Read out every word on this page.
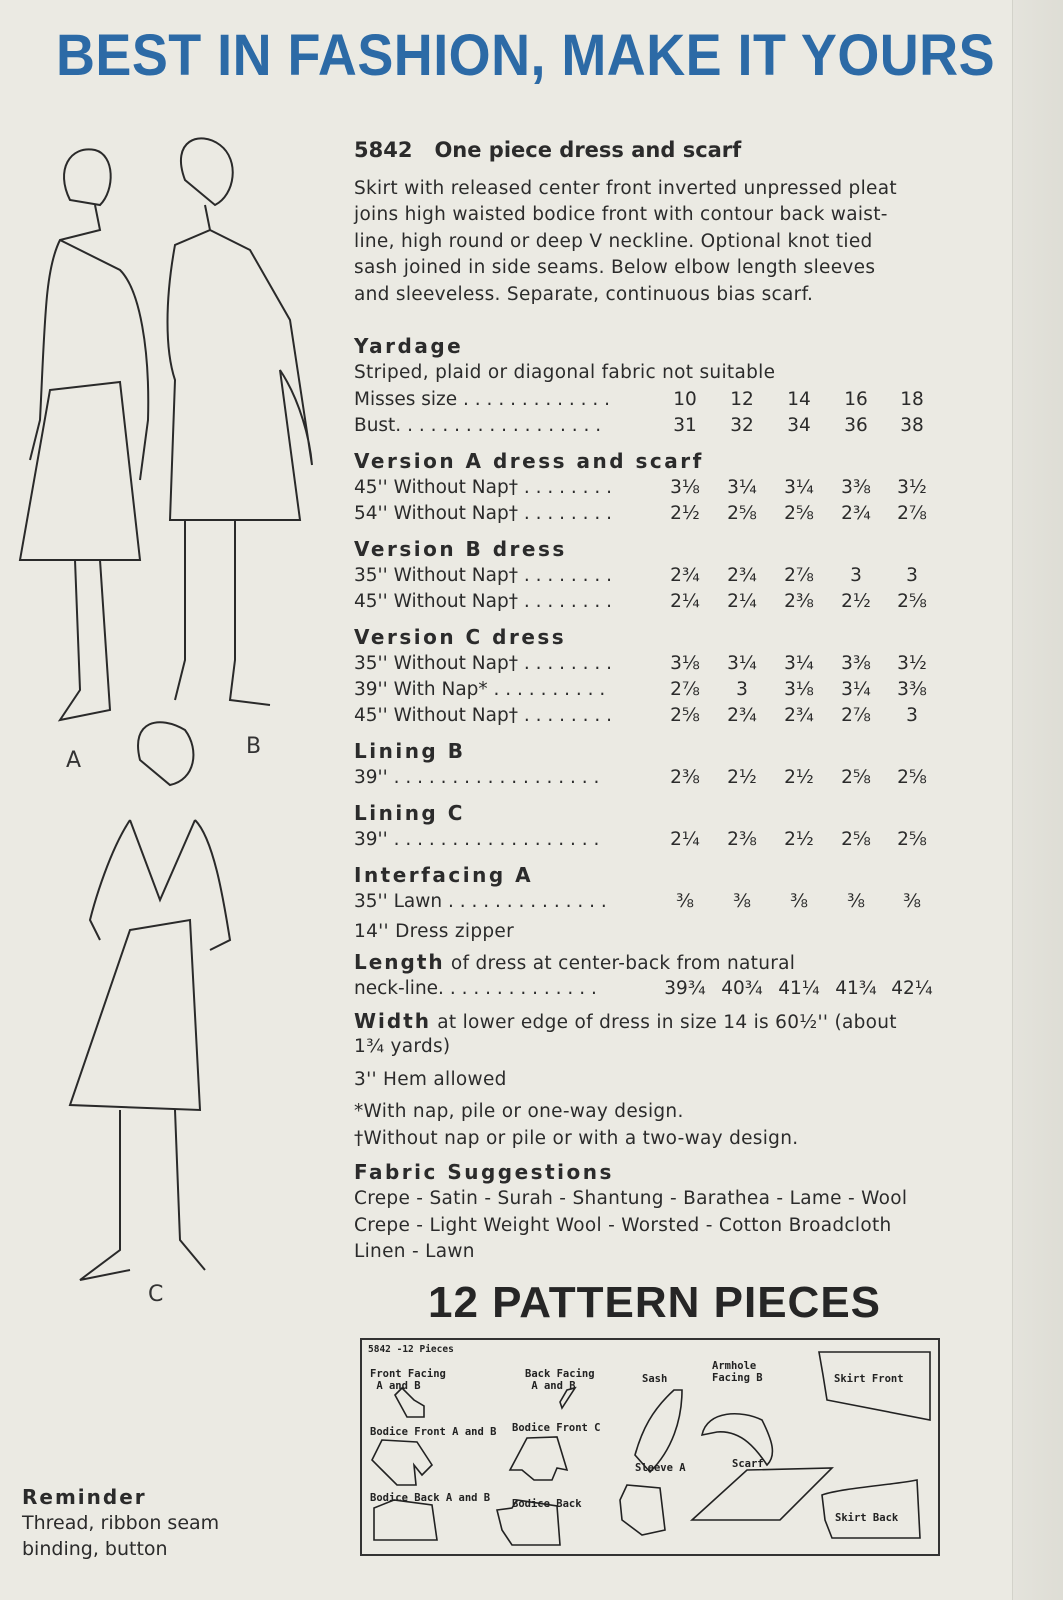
BEST IN FASHION, MAKE IT YOURS
A
B
C
5842 One piece dress and scarf
Skirt with released center front inverted unpressed pleat
joins high waisted bodice front with contour back waist-
line, high round or deep V neckline. Optional knot tied
sash joined in side seams. Below elbow length sleeves
and sleeveless. Separate, continuous bias scarf.
Yardage
Striped, plaid or diagonal fabric not suitable
Misses size . . . . . . . . . . . . .	10	12	14	16	18
Bust. . . . . . . . . . . . . . . . . .	31	32	34	36	38
Version A dress and scarf
45'' Without Nap† . . . . . . . .	3⅛	3¼	3¼	3⅜	3½
54'' Without Nap† . . . . . . . .	2½	2⅝	2⅝	2¾	2⅞
Version B dress
35'' Without Nap† . . . . . . . .	2¾	2¾	2⅞	3	3
45'' Without Nap† . . . . . . . .	2¼	2¼	2⅜	2½	2⅝
Version C dress
35'' Without Nap† . . . . . . . .	3⅛	3¼	3¼	3⅜	3½
39'' With Nap* . . . . . . . . . .	2⅞	3	3⅛	3¼	3⅜
45'' Without Nap† . . . . . . . .	2⅝	2¾	2¾	2⅞	3
Lining B
39'' . . . . . . . . . . . . . . . . . .	2⅜	2½	2½	2⅝	2⅝
Lining C
39'' . . . . . . . . . . . . . . . . . .	2¼	2⅜	2½	2⅝	2⅝
Interfacing A
35'' Lawn . . . . . . . . . . . . . .	⅜	⅜	⅜	⅜	⅜
14'' Dress zipper
Length of dress at center-back from natural
neck-line. . . . . . . . . . . . . .	39¾ 40¾ 41¼ 41¾ 42¼
Width at lower edge of dress in size 14 is 60½'' (about
1¾ yards)
3'' Hem allowed
*With nap, pile or one-way design.
†Without nap or pile or with a two-way design.
Fabric Suggestions
Crepe - Satin - Surah - Shantung - Barathea - Lame - Wool
Crepe - Light Weight Wool - Worsted - Cotton Broadcloth
Linen - Lawn
12 PATTERN PIECES
5842 -12 Pieces
Front Facing
A and B
Back Facing
A and B
Sash
Armhole
Facing B	Skirt Front
Bodice Front A and B Bodice Front C
Sleeve A	Scarf
Bodice Back A and B Bodice Back
Skirt Back
Reminder
Thread, ribbon seam
binding, button
